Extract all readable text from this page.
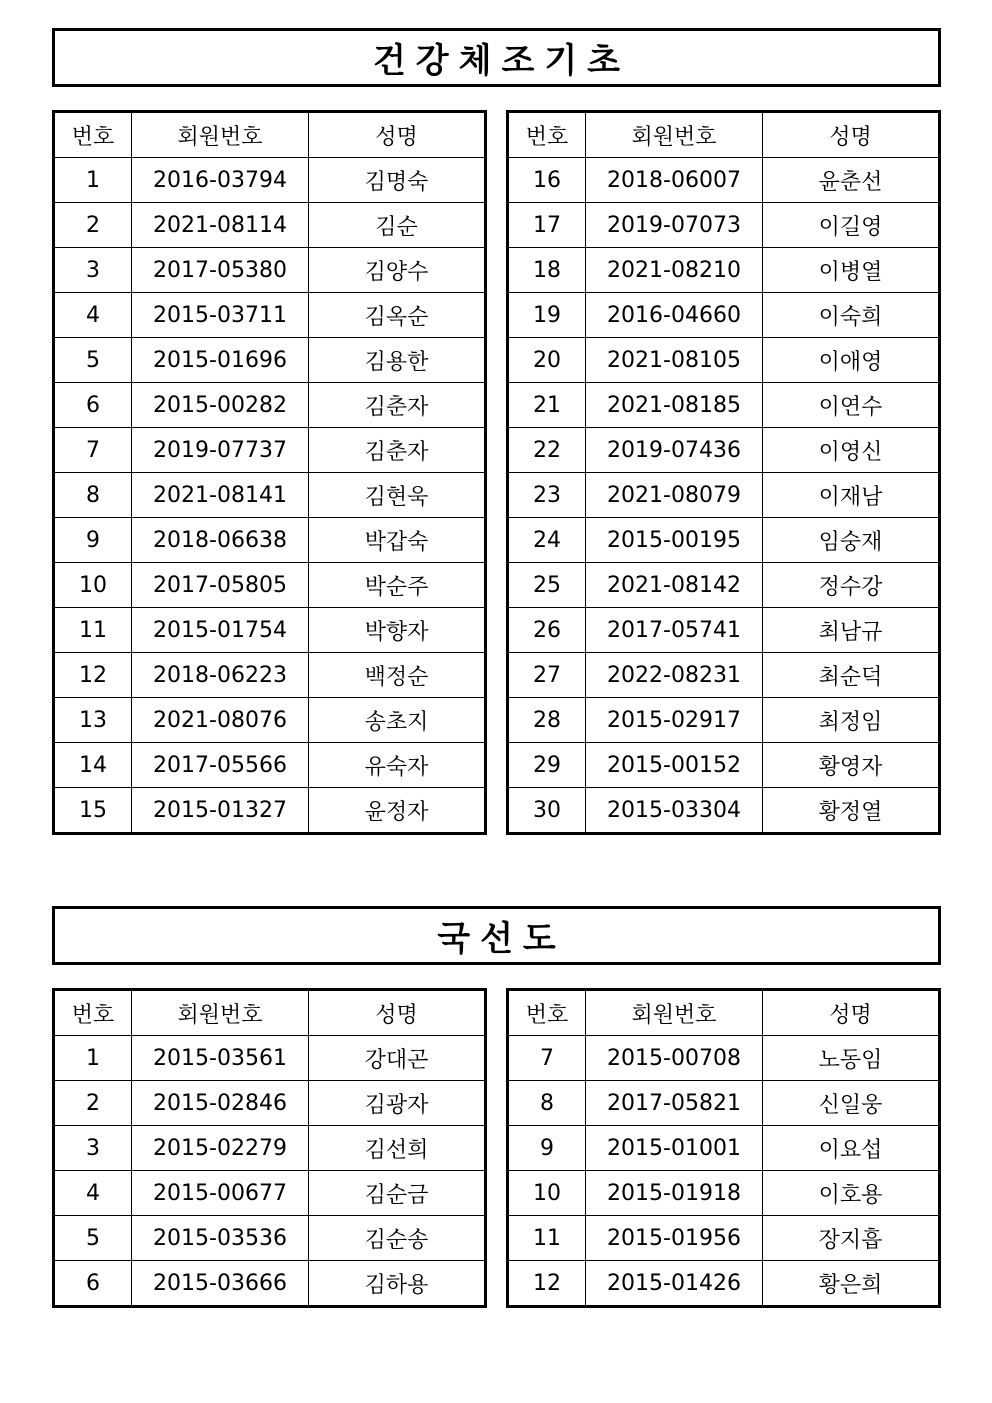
건강체조기초
번호	회원번호	성명
1	2016-03794	김명숙
2	2021-08114	김순
3	2017-05380	김양수
4	2015-03711	김옥순
5	2015-01696	김용한
6	2015-00282	김춘자
7	2019-07737	김춘자
8	2021-08141	김현욱
9	2018-06638	박갑숙
10	2017-05805	박순주
11	2015-01754	박향자
12	2018-06223	백정순
13	2021-08076	송초지
14	2017-05566	유숙자
15	2015-01327	윤정자
번호	회원번호	성명
16	2018-06007	윤춘선
17	2019-07073	이길영
18	2021-08210	이병열
19	2016-04660	이숙희
20	2021-08105	이애영
21	2021-08185	이연수
22	2019-07436	이영신
23	2021-08079	이재남
24	2015-00195	임숭재
25	2021-08142	정수강
26	2017-05741	최남규
27	2022-08231	최순덕
28	2015-02917	최정임
29	2015-00152	황영자
30	2015-03304	황정열
국선도
번호	회원번호	성명
1	2015-03561	강대곤
2	2015-02846	김광자
3	2015-02279	김선희
4	2015-00677	김순금
5	2015-03536	김순송
6	2015-03666	김하용
번호	회원번호	성명
7	2015-00708	노동임
8	2017-05821	신일웅
9	2015-01001	이요섭
10	2015-01918	이호용
11	2015-01956	장지흡
12	2015-01426	황은희
